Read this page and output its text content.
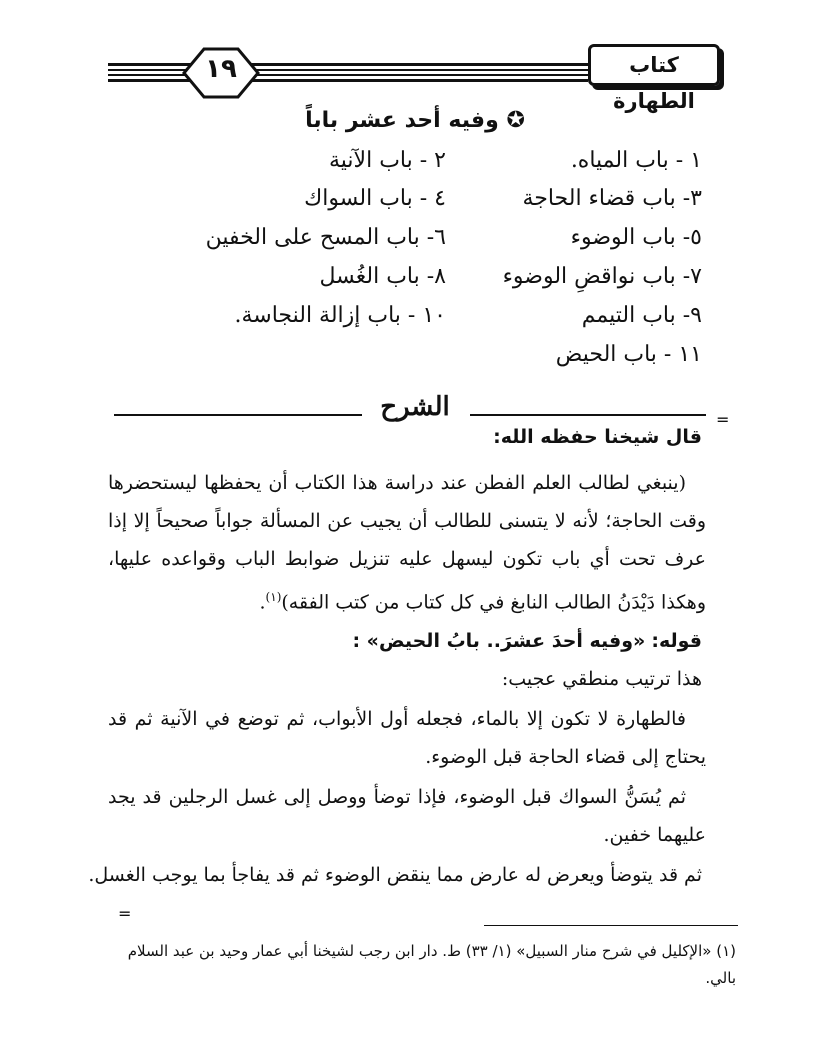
١٩	كتاب الطهارة
✪ وفيه أحد عشر باباً
١ - باب المياه.
٢ - باب الآنية
٣- باب قضاء الحاجة
٤ - باب السواك
٥- باب الوضوء
٦- باب المسح على الخفين
٧- باب نواقضِ الوضوء
٨- باب الغُسل
٩- باب التيمم
١٠ - باب إزالة النجاسة.
١١ - باب الحيض
الشرح	=
قال شيخنا حفظه الله:
(ينبغي لطالب العلم الفطن عند دراسة هذا الكتاب أن يحفظها ليستحضرها وقت الحاجة؛ لأنه لا يتسنى للطالب أن يجيب عن المسألة جواباً صحيحاً إلا إذا عرف تحت أي باب تكون ليسهل عليه تنزيل ضوابط الباب وقواعده عليها، وهكذا دَيْدَنُ الطالب النابغ في كل كتاب من كتب الفقه)$^{(١)}$.
قوله: «وفيه أحدَ عشرَ.. بابُ الحيض» :
هذا ترتيب منطقي عجيب:
فالطهارة لا تكون إلا بالماء، فجعله أول الأبواب، ثم توضع في الآنية ثم قد يحتاج إلى قضاء الحاجة قبل الوضوء.
ثم يُسَنُّ السواك قبل الوضوء، فإذا توضأ ووصل إلى غسل الرجلين قد يجد عليهما خفين.
ثم قد يتوضأ ويعرض له عارض مما ينقض الوضوء ثم قد يفاجأ بما يوجب الغسل.
=
(١) «الإكليل في شرح منار السبيل» (١/ ٣٣) ط. دار ابن رجب لشيخنا أبي عمار وحيد بن عبد السلام بالي.
